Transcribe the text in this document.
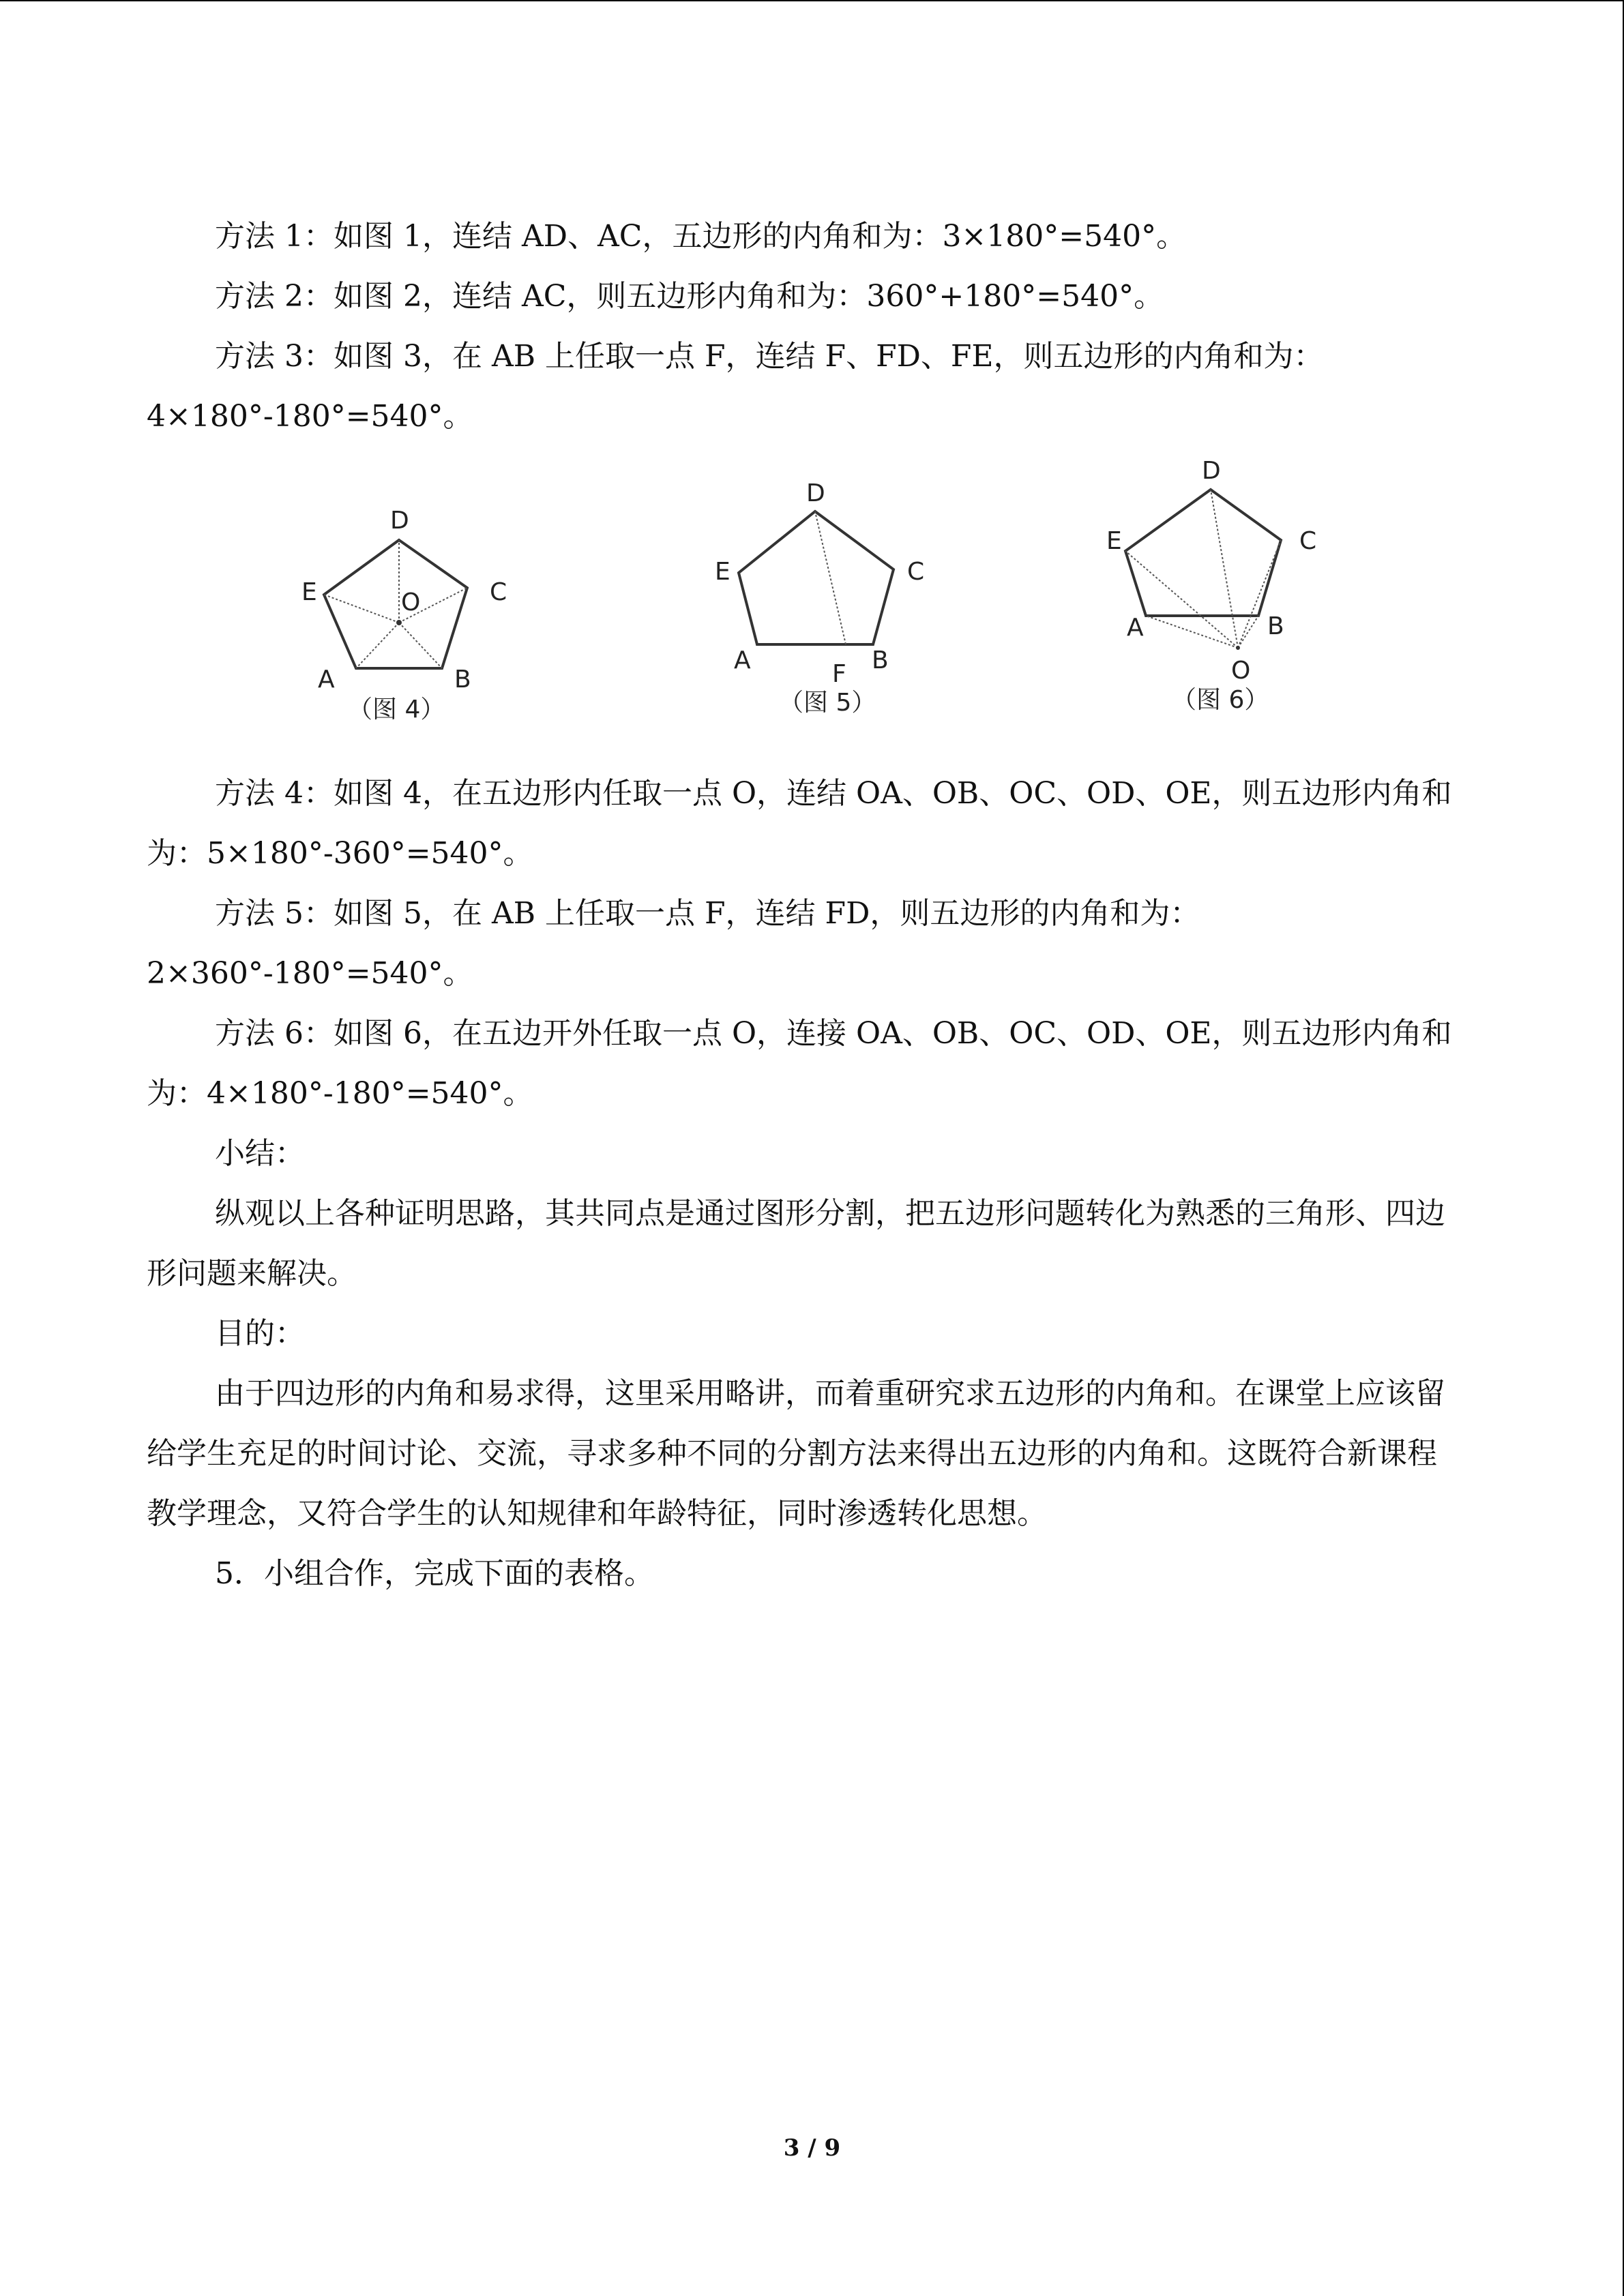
方法 1：如图 1，连结 AD、AC，五边形的内角和为：3×180°=540°。

方法 2：如图 2，连结 AC，则五边形内角和为：360°+180°=540°。

方法 3：如图 3，在 AB 上任取一点 F，连结 F、FD、FE，则五边形的内角和为：

4×180°-180°=540°。

D
C
E	O
A	B
（图 4）
D
C
E
A	B
F
（图 5）
D
C
E
A	B
O
（图 6）

方法 4：如图 4，在五边形内任取一点 O，连结 OA、OB、OC、OD、OE，则五边形内角和为：5×180°-360°=540°。

方法 5：如图 5，在 AB 上任取一点 F，连结 FD，则五边形的内角和为：2×360°-180°=540°。

方法 6：如图 6，在五边开外任取一点 O，连接 OA、OB、OC、OD、OE，则五边形内角和为：4×180°-180°=540°。

小结：

纵观以上各种证明思路，其共同点是通过图形分割，把五边形问题转化为熟悉的三角形、四边形问题来解决。

目的：

由于四边形的内角和易求得，这里采用略讲，而着重研究求五边形的内角和。在课堂上应该留给学生充足的时间讨论、交流，寻求多种不同的分割方法来得出五边形的内角和。这既符合新课程教学理念，又符合学生的认知规律和年龄特征，同时渗透转化思想。

5．小组合作，完成下面的表格。

3 / 9
